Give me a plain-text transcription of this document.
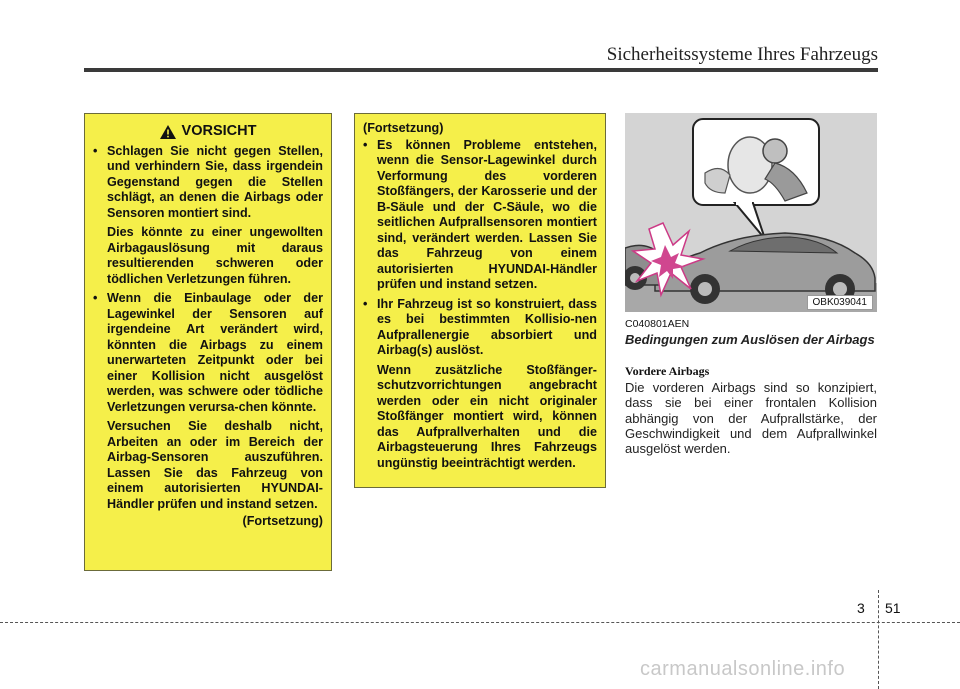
Sicherheitssysteme Ihres Fahrzeugs
VORSICHT
• Schlagen Sie nicht gegen Stellen, und verhindern Sie, dass irgendein Gegenstand gegen die Stellen schlägt, an denen die Airbags oder Sensoren montiert sind.
Dies könnte zu einer ungewollten Airbagauslösung mit daraus resultierenden schweren oder tödlichen Verletzungen führen.
• Wenn die Einbaulage oder der Lagewinkel der Sensoren auf irgendeine Art verändert wird, könnten die Airbags zu einem unerwarteten Zeitpunkt oder bei einer Kollision nicht ausgelöst werden, was schwere oder tödliche Verletzungen verursa-chen könnte.
Versuchen Sie deshalb nicht, Arbeiten an oder im Bereich der Airbag-Sensoren auszuführen. Lassen Sie das Fahrzeug von einem autorisierten HYUNDAI-Händler prüfen und instand setzen.
(Fortsetzung)
(Fortsetzung)
• Es können Probleme entstehen, wenn die Sensor-Lagewinkel durch Verformung des vorderen Stoßfängers, der Karosserie und der B-Säule und der C-Säule, wo die seitlichen Aufprallsensoren montiert sind, verändert werden. Lassen Sie das Fahrzeug von einem autorisierten HYUNDAI-Händler prüfen und instand setzen.
• Ihr Fahrzeug ist so konstruiert, dass es bei bestimmten Kollisio-nen Aufprallenergie absorbiert und Airbag(s) auslöst.
Wenn zusätzliche Stoßfänger-schutzvorrichtungen angebracht werden oder ein nicht originaler Stoßfänger montiert wird, können das Aufprallverhalten und die Airbagsteuerung Ihres Fahrzeugs ungünstig beeinträchtigt werden.
OBK039041
C040801AEN
Bedingungen zum Auslösen der Airbags
Vordere Airbags
Die vorderen Airbags sind so konzipiert, dass sie bei einer frontalen Kollision abhängig von der Aufprallstärke, der Geschwindigkeit und dem Aufprallwinkel ausgelöst werden.
3 51
carmanualsonline.info
